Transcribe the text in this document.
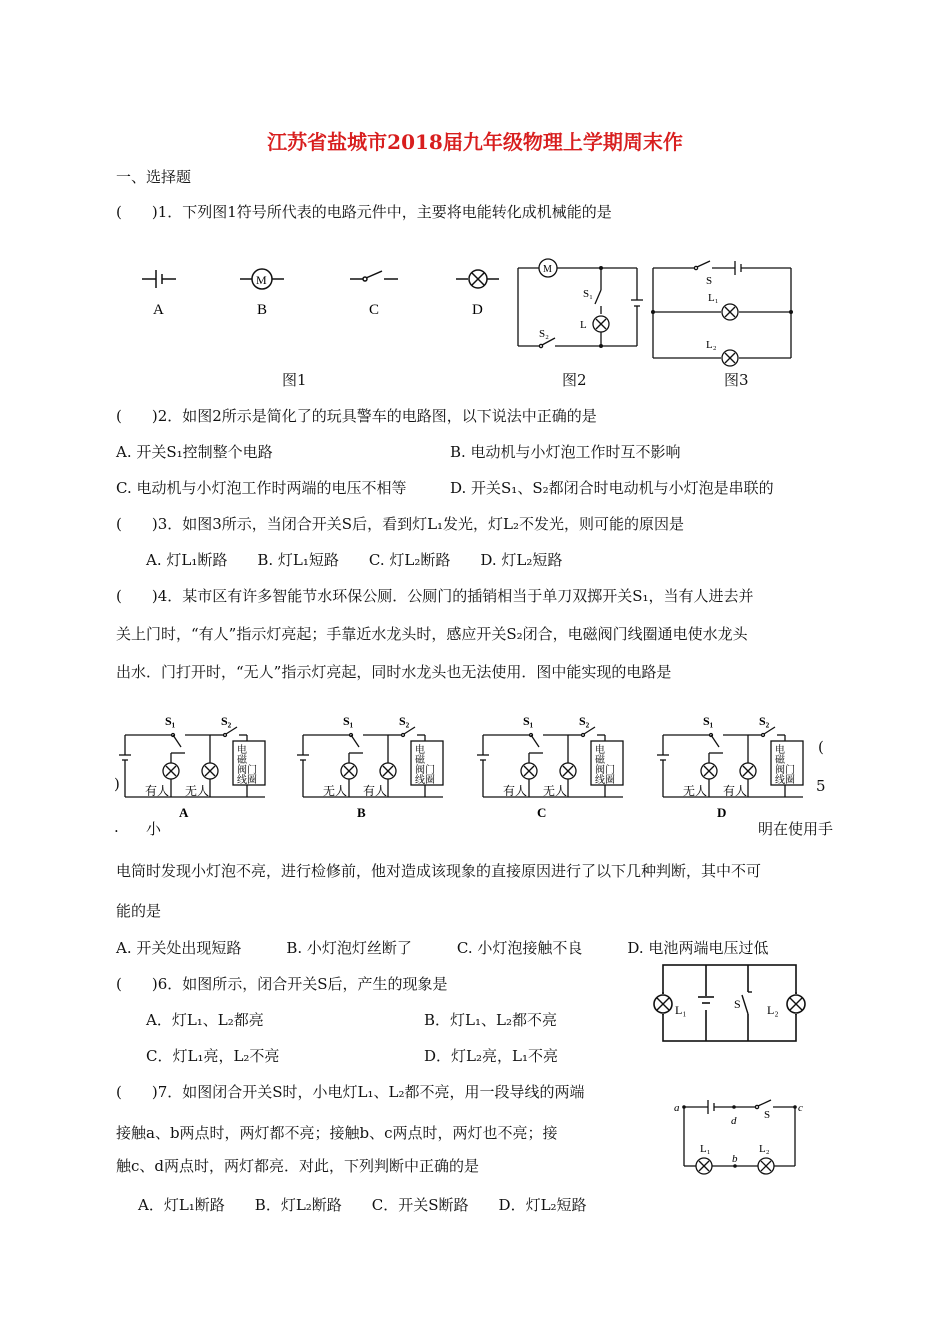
江苏省盐城市2018届九年级物理上学期周末作
一、选择题
(　　)1．下列图1符号所代表的电路元件中，主要将电能转化成机械能的是
M
A	B	C	D
M
S₁
L
S₂
S
L₁
L₂
图1	图2	图3
(　　)2．如图2所示是简化了的玩具警车的电路图，以下说法中正确的是
A. 开关S₁控制整个电路	B. 电动机与小灯泡工作时互不影响
C. 电动机与小灯泡工作时两端的电压不相等	D. 开关S₁、S₂都闭合时电动机与小灯泡是串联的
(　　)3．如图3所示，当闭合开关S后，看到灯L₁发光，灯L₂不发光，则可能的原因是
A. 灯L₁断路　　B. 灯L₁短路　　C. 灯L₂断路　　D. 灯L₂短路
(　　)4．某市区有许多智能节水环保公厕．公厕门的插销相当于单刀双掷开关S₁，当有人进去并
关上门时，“有人”指示灯亮起；手靠近水龙头时，感应开关S₂闭合，电磁阀门线圈通电使水龙头
出水．门打开时，“无人”指示灯亮起，同时水龙头也无法使用．图中能实现的电路是
S₂
S₁
电
磁
阀门
线圈
有人 无人
A
S₂
S₁
电
磁
阀门
线圈
无人 有人
B
S₂
S₁
电
磁
阀门
线圈
有人 无人
C
S₂
S₁
电
磁
阀门
线圈
无人 有人
D
(
5
)
. 小	明在使用手
电筒时发现小灯泡不亮，进行检修前，他对造成该现象的直接原因进行了以下几种判断，其中不可
能的是
A. 开关处出现短路　　　B. 小灯泡灯丝断了　　　C. 小灯泡接触不良　　　D. 电池两端电压过低
(　　)6．如图所示，闭合开关S后，产生的现象是
A．灯L₁、L₂都亮	B．灯L₁、L₂都不亮
C．灯L₁亮，L₂不亮	D．灯L₂亮，L₁不亮
L₁	S L₂
(　　)7．如图闭合开关S时，小电灯L₁、L₂都不亮，用一段导线的两端
接触a、b两点时，两灯都不亮；接触b、c两点时，两灯也不亮；接
触c、d两点时，两灯都亮．对此，下列判断中正确的是
A．灯L₁断路　　B．灯L₂断路　　C．开关S断路　　D．灯L₂短路
a
d	S
c
L₁	L₂
b
